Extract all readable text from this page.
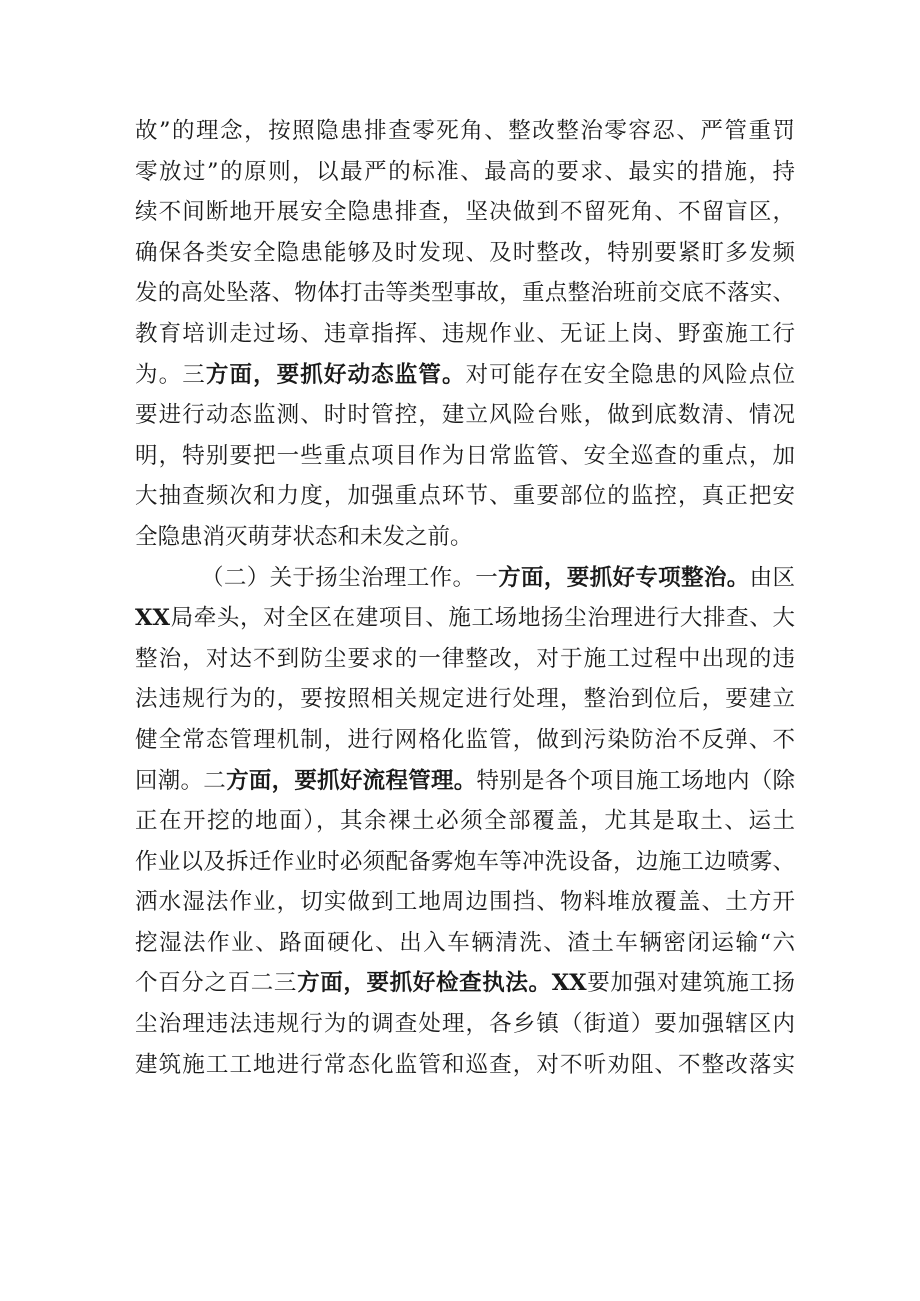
故”的理念，按照隐患排查零死角、整改整治零容忍、严管重罚
零放过”的原则，以最严的标准、最高的要求、最实的措施，持
续不间断地开展安全隐患排查，坚决做到不留死角、不留盲区，
确保各类安全隐患能够及时发现、及时整改，特别要紧盯多发频
发的高处坠落、物体打击等类型事故，重点整治班前交底不落实、
教育培训走过场、违章指挥、违规作业、无证上岗、野蛮施工行
为。三方面，要抓好动态监管。对可能存在安全隐患的风险点位
要进行动态监测、时时管控，建立风险台账，做到底数清、情况
明，特别要把一些重点项目作为日常监管、安全巡查的重点，加
大抽查频次和力度，加强重点环节、重要部位的监控，真正把安
全隐患消灭萌芽状态和未发之前。
（二）关于扬尘治理工作。一方面，要抓好专项整治。由区
XX局牵头，对全区在建项目、施工场地扬尘治理进行大排查、大
整治，对达不到防尘要求的一律整改，对于施工过程中出现的违
法违规行为的，要按照相关规定进行处理，整治到位后，要建立
健全常态管理机制，进行网格化监管，做到污染防治不反弹、不
回潮。二方面，要抓好流程管理。特别是各个项目施工场地内（除
正在开挖的地面），其余裸土必须全部覆盖，尤其是取土、运土
作业以及拆迁作业时必须配备雾炮车等冲洗设备，边施工边喷雾、
洒水湿法作业，切实做到工地周边围挡、物料堆放覆盖、土方开
挖湿法作业、路面硬化、出入车辆清洗、渣土车辆密闭运输“六
个百分之百二三方面，要抓好检查执法。XX要加强对建筑施工扬
尘治理违法违规行为的调查处理，各乡镇（街道）要加强辖区内
建筑施工工地进行常态化监管和巡查，对不听劝阻、不整改落实
